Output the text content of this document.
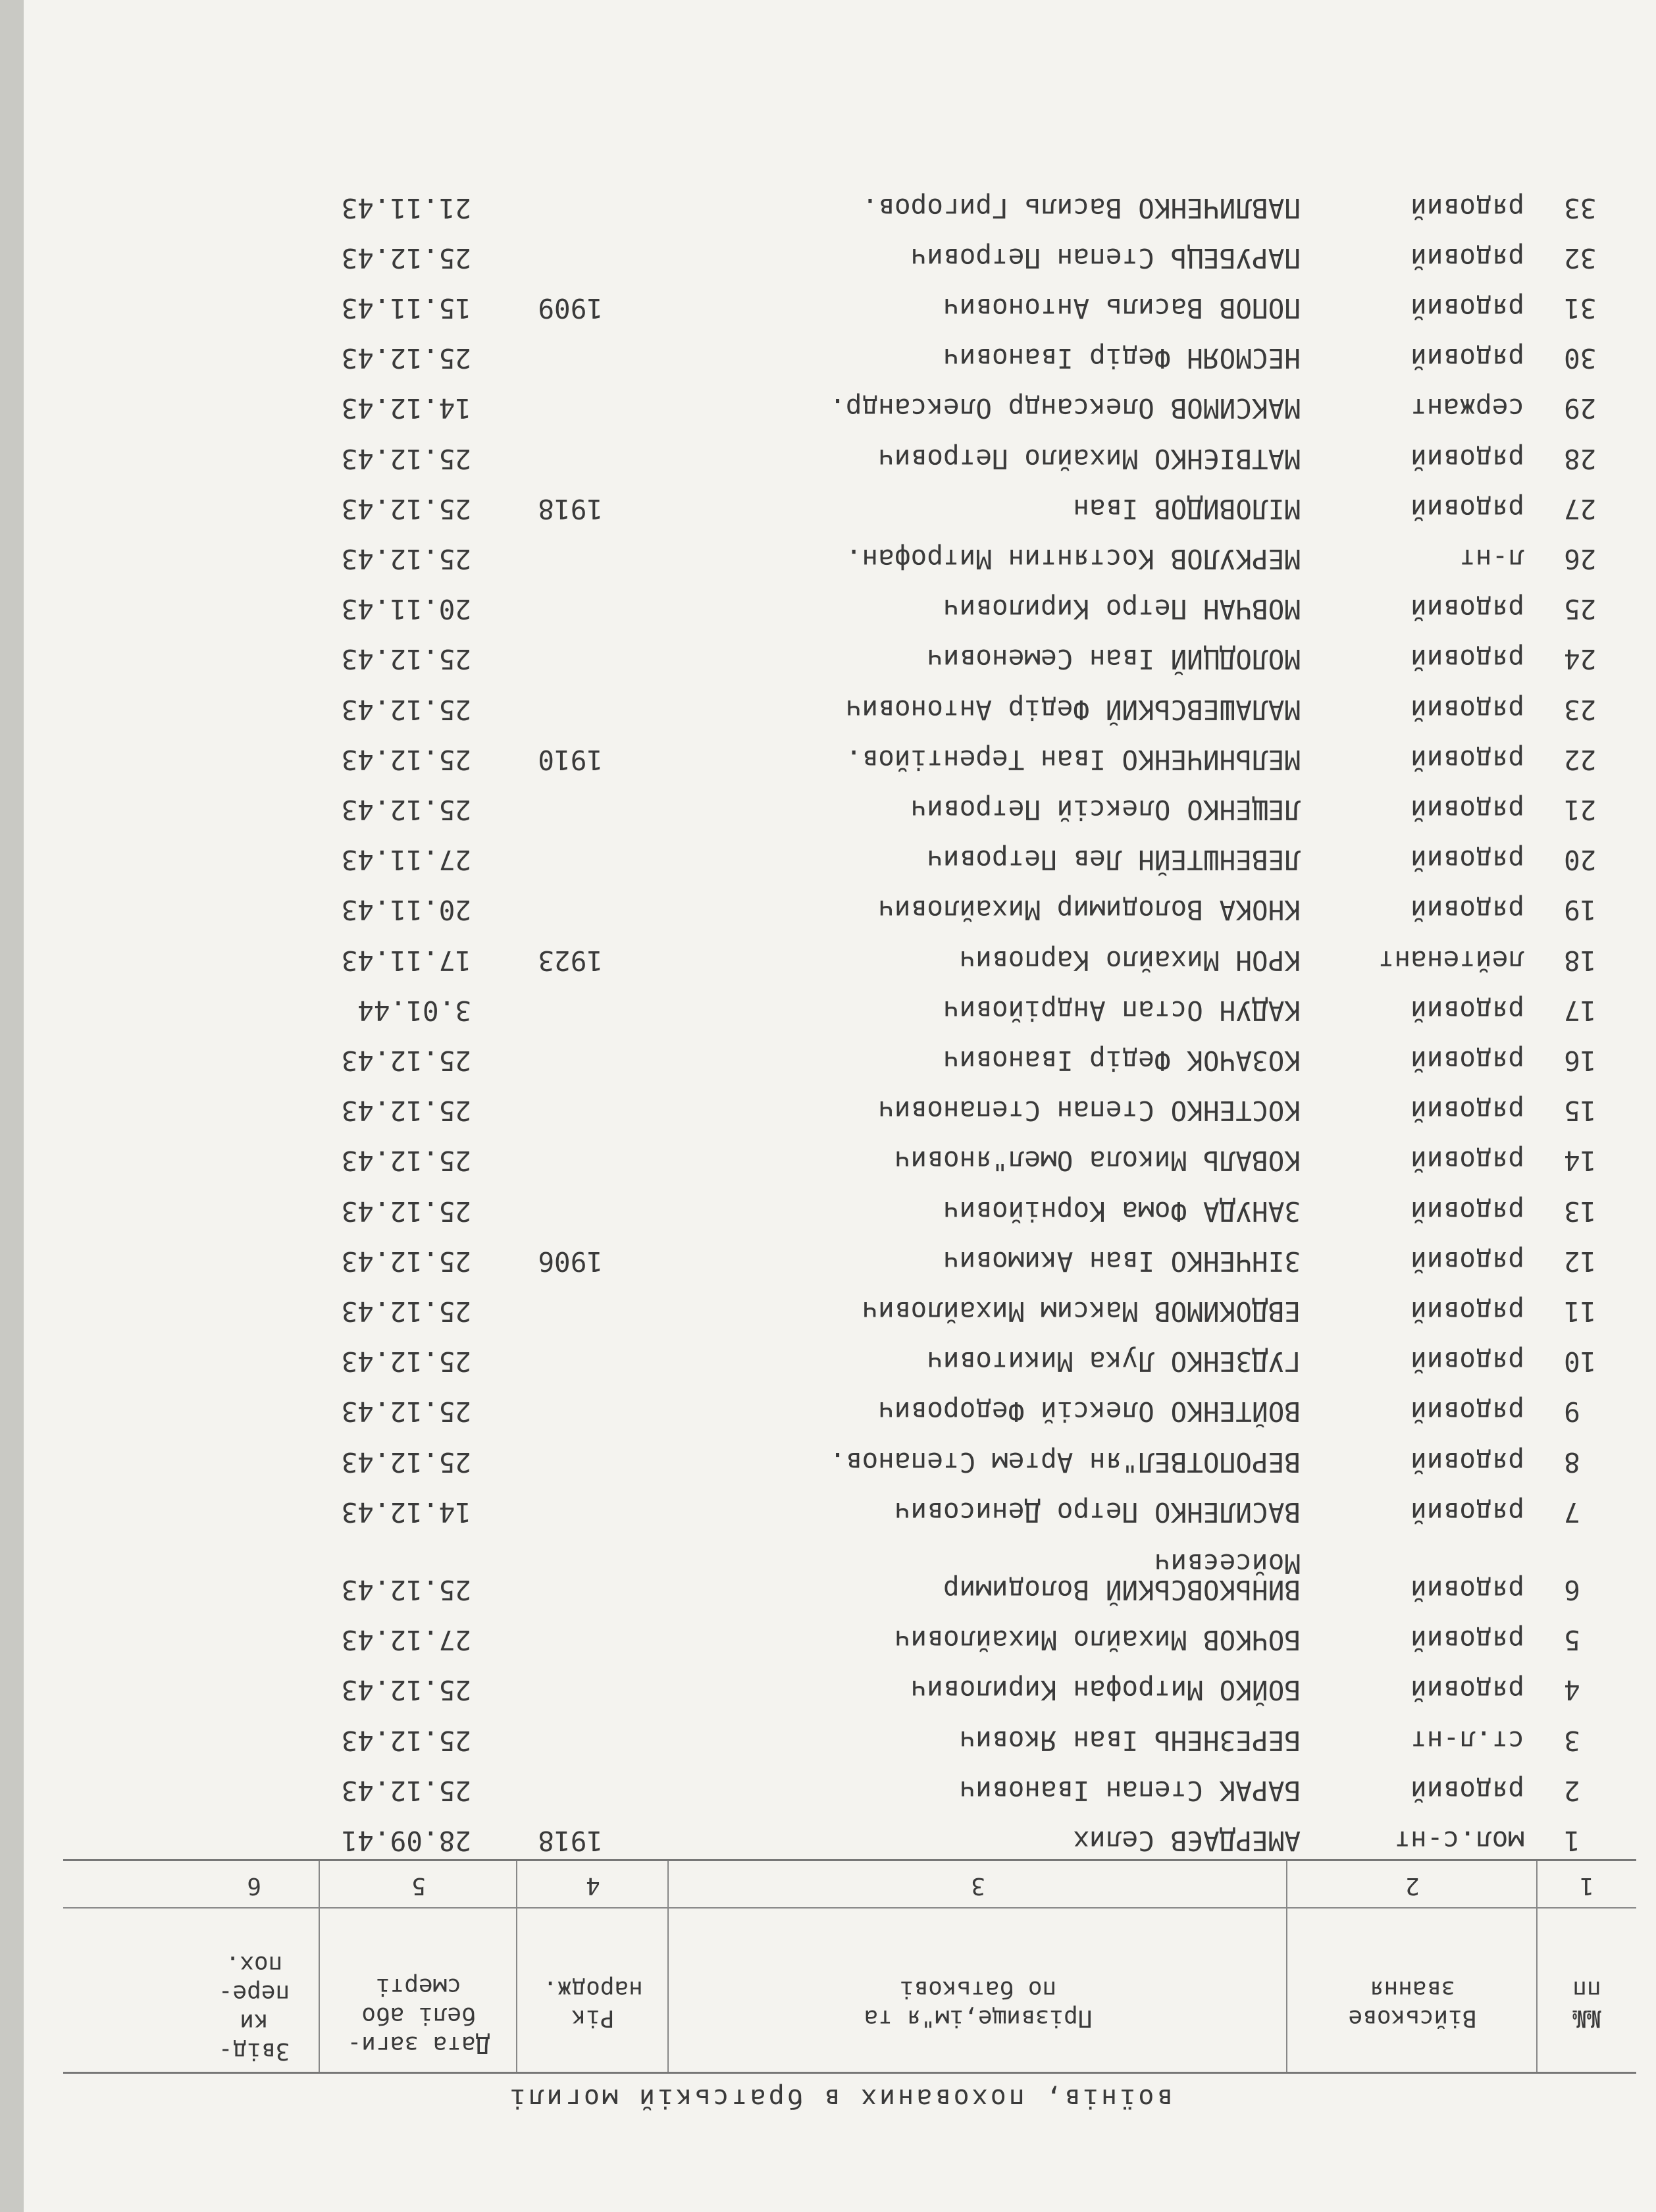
воїнів, похованих в братській могилі
№№
пп
Військове
звання
Прізвище,ім"я та
по батькові
Рік
народж.
Дата заги-
белі або
смерті
Звід-
ки
пере-
пох.
1
2
3
4
5
6
1
мол.с-нт
АМЕРДАЄВ Селих
1918
28.09.41
2
рядовий
БАРАК Степан Іванович
25.12.43
3
ст.л-нт
БЕРЕЗНЕНЬ Іван Якович
25.12.43
4
рядовий
БОЙКО Митрофан Кирилович
25.12.43
5
рядовий
БОЧКОВ Михайло Михайлович
27.12.43
6
рядовий
ВИНЬКОВСЬКИЙ Володимир
25.12.43
Мойсеєвич
7
рядовий
ВАСИЛЕНКО Петро Денисович
14.12.43
8
рядовий
ВЕРОПОТВЕЛ"ян Артем Степанов.
25.12.43
9
рядовий
ВОЙТЕНКО Олексій Федорович
25.12.43
10
рядовий
ГУДЗЕНКО Лука Микитович
25.12.43
11
рядовий
ЕВДОКИМОВ Максим Михайлович
25.12.43
12
рядовий
ЗІНЧЕНКО Іван Акимович
1906
25.12.43
13
рядовий
ЗАНУДА Фома Корнійович
25.12.43
14
рядовий
КОВАЛЬ Микола Омел"янович
25.12.43
15
рядовий
КОСТЕНКО Степан Степанович
25.12.43
16
рядовий
КОЗАЧОК Федір Іванович
25.12.43
17
рядовий
КАДУН Остап Андрійович
3.01.44
18
лейтенант
КРОН Михайло Карпович
1923
17.11.43
19
рядовий
КНОКА Володимир Михайлович
20.11.43
20
рядовий
ЛЕВЕНШТЕЙН Лев Петрович
27.11.43
21
рядовий
ЛЕЩЕНКО Олексій Петрович
25.12.43
22
рядовий
МЕЛЬНИЧЕНКО Іван Терентійов.
1910
25.12.43
23
рядовий
МАЛАШЕВСЬКИЙ Федір Антонович
25.12.43
24
рядовий
МОЛОДЦИЙ Іван Семенович
25.12.43
25
рядовий
МОВЧАН Петро Кирилович
20.11.43
26
л-нт
МЕРКУЛОВ Костянтин Митрофан.
25.12.43
27
рядовий
МІЛОВИДОВ Іван
1918
25.12.43
28
рядовий
МАТВІЄНКО Михайло Петрович
25.12.43
29
сержант
МАКСИМОВ Олександр Олександр.
14.12.43
30
рядовий
НЕСМОЯН Федір Іванович
25.12.43
31
рядовий
ПОПОВ Василь Антонович
1909
15.11.43
32
рядовий
ПАРУБЕЦЬ Степан Петрович
25.12.43
33
рядовий
ПАВЛИЧЕНКО Василь Григоров.
21.11.43
